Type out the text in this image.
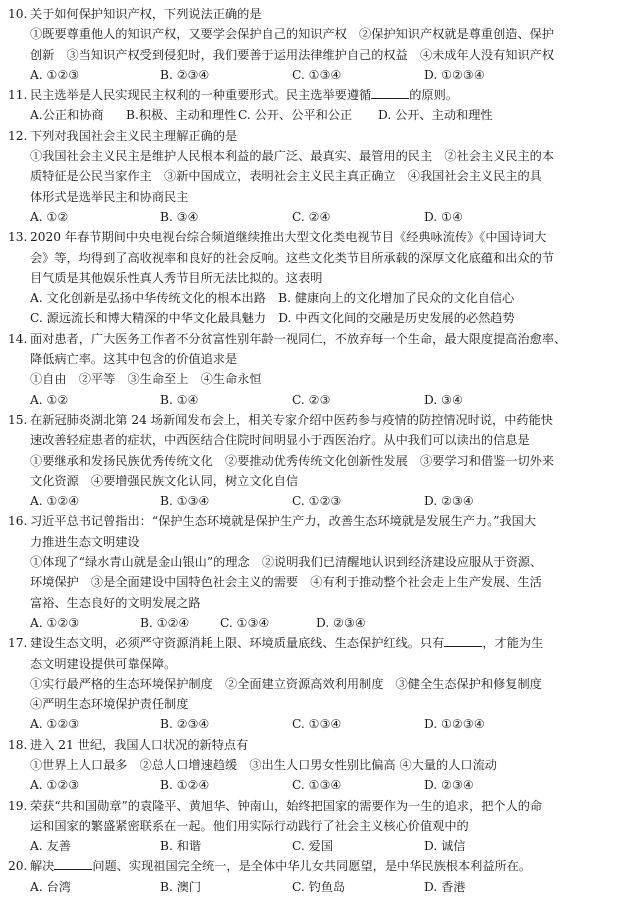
10. 关于如何保护知识产权，下列说法正确的是
①既要尊重他人的知识产权，又要学会保护自己的知识产权　②保护知识产权就是尊重创造、保护
创新　③当知识产权受到侵犯时，我们要善于运用法律维护自己的权益　④未成年人没有知识产权
A. ①②③	B. ②③④	C. ①③④	D. ①②③④
11. 民主选举是人民实现民主权利的一种重要形式。民主选举要遵循	的原则。
A.公正和协商	B.积极、主动和理性 C. 公开、公平和公正	D. 公开、主动和理性
12. 下列对我国社会主义民主理解正确的是
①我国社会主义民主是维护人民根本利益的最广泛、最真实、最管用的民主　②社会主义民主的本
质特征是公民当家作主　③新中国成立，表明社会主义民主真正确立　④我国社会主义民主的具
体形式是选举民主和协商民主
A. ①②	B. ③④	C. ②④	D. ①④
13. 2020 年春节期间中央电视台综合频道继续推出大型文化类电视节目《经典咏流传》《中国诗词大
会》等，均得到了高收视率和良好的社会反响。这些文化类节目所承载的深厚文化底蕴和出众的节
目气质是其他娱乐性真人秀节目所无法比拟的。这表明
A. 文化创新是弘扬中华传统文化的根本出路　B. 健康向上的文化增加了民众的文化自信心
C. 源远流长和博大精深的中华文化最具魅力　D. 中西文化间的交融是历史发展的必然趋势
14. 面对患者，广大医务工作者不分贫富性别年龄一视同仁，不放弃每一个生命，最大限度提高治愈率、
降低病亡率。这其中包含的价值追求是
①自由　②平等　③生命至上　④生命永恒
A. ①②	B. ①④	C. ②③	D. ③④
15. 在新冠肺炎湖北第 24 场新闻发布会上，相关专家介绍中医药参与疫情的防控情况时说，中药能快
速改善轻症患者的症状，中西医结合住院时间明显小于西医治疗。从中我们可以读出的信息是
①要继承和发扬民族优秀传统文化　②要推动优秀传统文化创新性发展　③要学习和借鉴一切外来
文化资源　④要增强民族文化认同，树立文化自信
A. ①②④	B. ①③④	C. ①②③	D. ②③④
16. 习近平总书记曾指出：“保护生态环境就是保护生产力，改善生态环境就是发展生产力。”我国大
力推进生态文明建设
①体现了“绿水青山就是金山银山”的理念　②说明我们已清醒地认识到经济建设应服从于资源、
环境保护　③是全面建设中国特色社会主义的需要　④有利于推动整个社会走上生产发展、生活
富裕、生态良好的文明发展之路
A. ①②③	B. ①②④	C. ①③④	D. ②③④
17. 建设生态文明，必须严守资源消耗上限、环境质量底线、生态保护红线。只有	，才能为生
态文明建设提供可靠保障。
①实行最严格的生态环境保护制度　②全面建立资源高效利用制度　③健全生态保护和修复制度
④严明生态环境保护责任制度
A. ①②③	B. ②③④	C. ①③④	D. ①②③④
18. 进入 21 世纪，我国人口状况的新特点有
①世界上人口最多　②总人口增速趋缓　③出生人口男女性别比偏高 ④大量的人口流动
A. ①②③	B. ①②④	C. ①③④	D. ②③④
19. 荣获“共和国勋章”的袁隆平、黄旭华、钟南山，始终把国家的需要作为一生的追求，把个人的命
运和国家的繁盛紧密联系在一起。他们用实际行动践行了社会主义核心价值观中的
A. 友善	B. 和谐	C. 爱国	D. 诚信
20. 解决	问题、实现祖国完全统一，是全体中华儿女共同愿望，是中华民族根本利益所在。
A. 台湾	B. 澳门	C. 钓鱼岛	D. 香港
